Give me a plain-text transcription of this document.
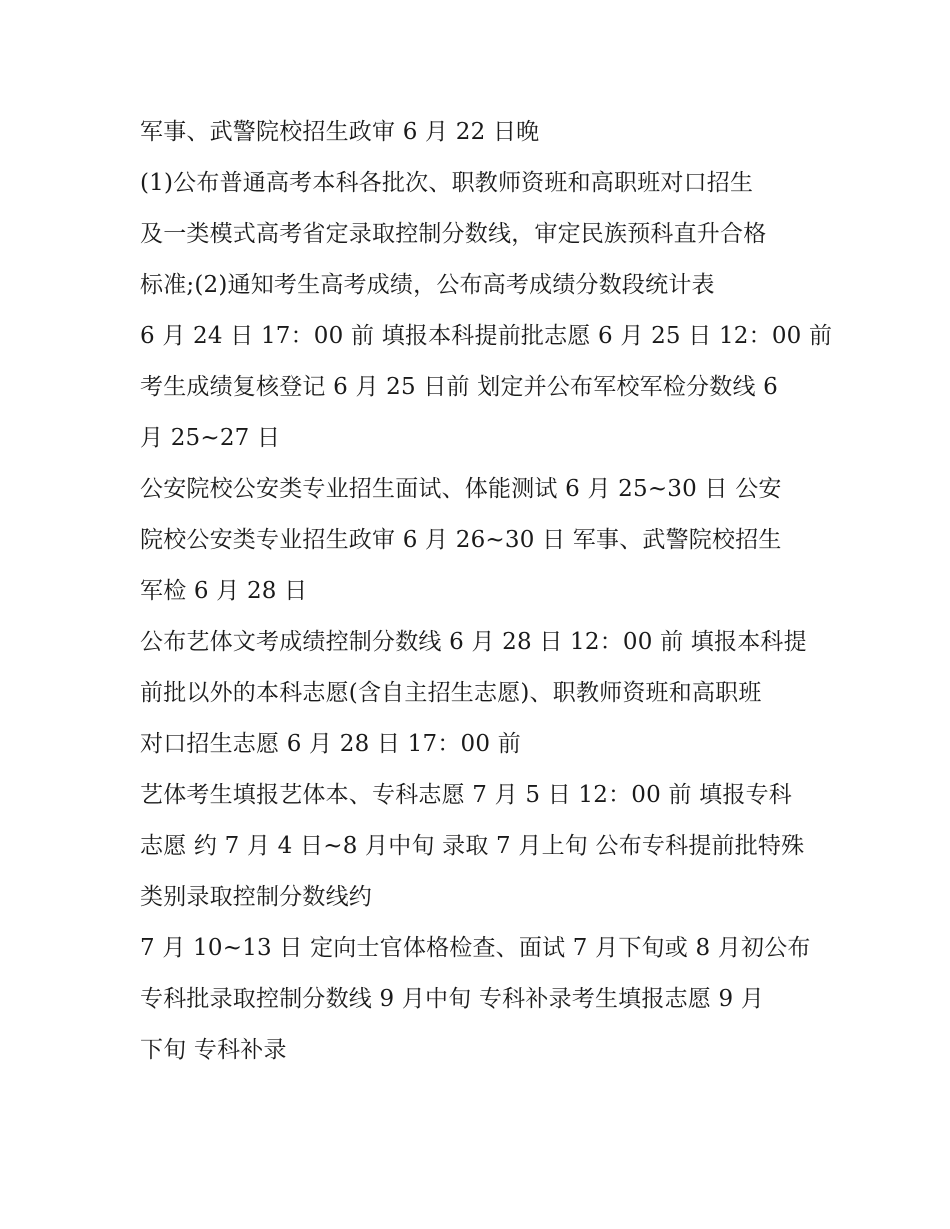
军事、武警院校招生政审 6 月 22 日晚
(1)公布普通高考本科各批次、职教师资班和高职班对口招生
及一类模式高考省定录取控制分数线，审定民族预科直升合格
标准;(2)通知考生高考成绩，公布高考成绩分数段统计表
6 月 24 日 17：00 前 填报本科提前批志愿 6 月 25 日 12：00 前
考生成绩复核登记 6 月 25 日前 划定并公布军校军检分数线 6
月 25~27 日
公安院校公安类专业招生面试、体能测试 6 月 25~30 日 公安
院校公安类专业招生政审 6 月 26~30 日 军事、武警院校招生
军检 6 月 28 日
公布艺体文考成绩控制分数线 6 月 28 日 12：00 前 填报本科提
前批以外的本科志愿(含自主招生志愿)、职教师资班和高职班
对口招生志愿 6 月 28 日 17：00 前
艺体考生填报艺体本、专科志愿 7 月 5 日 12：00 前 填报专科
志愿 约 7 月 4 日~8 月中旬 录取 7 月上旬 公布专科提前批特殊
类别录取控制分数线约
7 月 10~13 日 定向士官体格检查、面试 7 月下旬或 8 月初公布
专科批录取控制分数线 9 月中旬 专科补录考生填报志愿 9 月
下旬 专科补录
